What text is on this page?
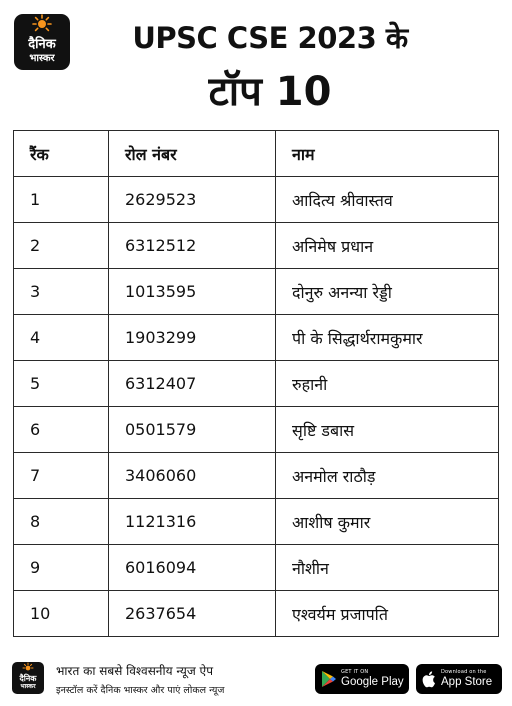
दैनिक
भास्कर
UPSC CSE 2023 के
टॉप 10
रैंक	रोल नंबर	नाम
1	2629523	आदित्य श्रीवास्तव
2	6312512	अनिमेष प्रधान
3	1013595	दोनुरु अनन्या रेड्डी
4	1903299	पी के सिद्धार्थरामकुमार
5	6312407	रुहानी
6	0501579	सृष्टि डबास
7	3406060	अनमोल राठौड़
8	1121316	आशीष कुमार
9	6016094	नौशीन
10	2637654	एश्वर्यम प्रजापति
दैनिक
भास्कर
भारत का सबसे विश्वसनीय न्यूज ऐप
इनस्टॉल करें दैनिक भास्कर और पाएं लोकल न्यूज
GET IT ON
Google Play
Download on the
App Store
